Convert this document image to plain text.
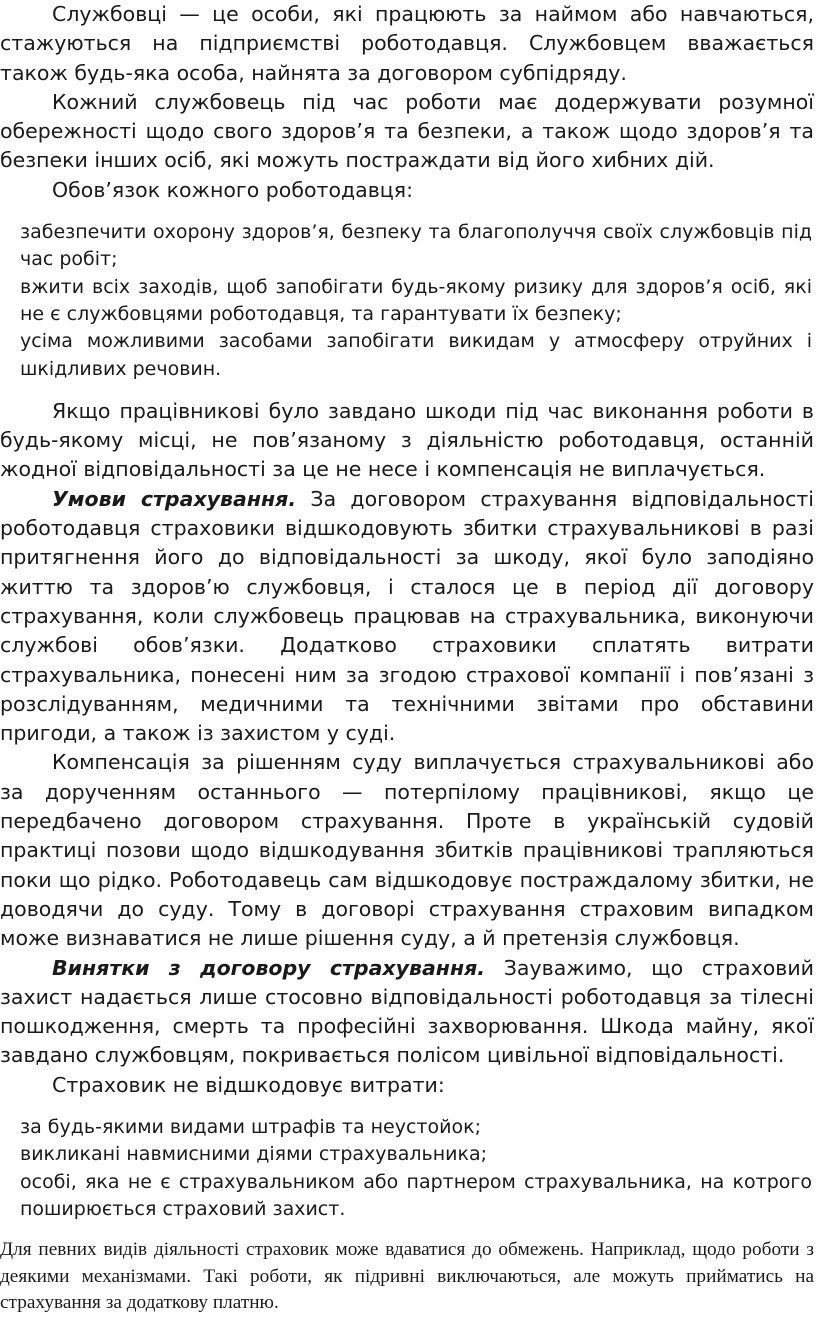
Службовці — це особи, які працюють за наймом або навчаються, стажуються на підприємстві роботодавця. Службовцем вважається також будь-яка особа, найнята за договором субпідряду.

Кожний службовець під час роботи має додержувати розумної обережності щодо свого здоров’я та безпеки, а також щодо здоров’я та безпеки інших осіб, які можуть постраждати від його хибних дій.

Обов’язок кожного роботодавця:

забезпечити охорону здоров’я, безпеку та благополуччя своїх службовців під час робіт;
вжити всіх заходів, щоб запобігати будь-якому ризику для здоров’я осіб, які не є службовцями роботодавця, та гарантувати їх безпеку;
усіма можливими засобами запобігати викидам у атмосферу отруйних і шкідливих речовин.

Якщо працівникові було завдано шкоди під час виконання роботи в будь-якому місці, не пов’язаному з діяльністю роботодавця, останній жодної відповідальності за це не несе і компенсація не виплачується.

Умови страхування. За договором страхування відповідальності роботодавця страховики відшкодовують збитки страхувальникові в разі притягнення його до відповідальності за шкоду, якої було заподіяно життю та здоров’ю службовця, і сталося це в період дії договору страхування, коли службовець працював на страхувальника, виконуючи службові обов’язки. Додатково страховики сплатять витрати страхувальника, понесені ним за згодою страхової компанії і пов’язані з розслідуванням, медичними та технічними звітами про обставини пригоди, а також із захистом у суді.

Компенсація за рішенням суду виплачується страхувальникові або за дорученням останнього — потерпілому працівникові, якщо це передбачено договором страхування. Проте в українській судовій практиці позови щодо відшкодування збитків працівникові трапляються поки що рідко. Роботодавець сам відшкодовує постраждалому збитки, не доводячи до суду. Тому в договорі страхування страховим випадком може визнаватися не лише рішення суду, а й претензія службовця.

Винятки з договору страхування. Зауважимо, що страховий захист надається лише стосовно відповідальності роботодавця за тілесні пошкодження, смерть та професійні захворювання. Шкода майну, якої завдано службовцям, покривається полісом цивільної відповідальності.

Страховик не відшкодовує витрати:

за будь-якими видами штрафів та неустойок;
викликані навмисними діями страхувальника;
особі, яка не є страхувальником або партнером страхувальника, на котрого поширюється страховий захист.

Для певних видів діяльності страховик може вдаватися до обмежень. Наприклад, щодо роботи з деякими механізмами. Такі роботи, як підривні виключаються, але можуть прийматись на страхування за додаткову платню.
